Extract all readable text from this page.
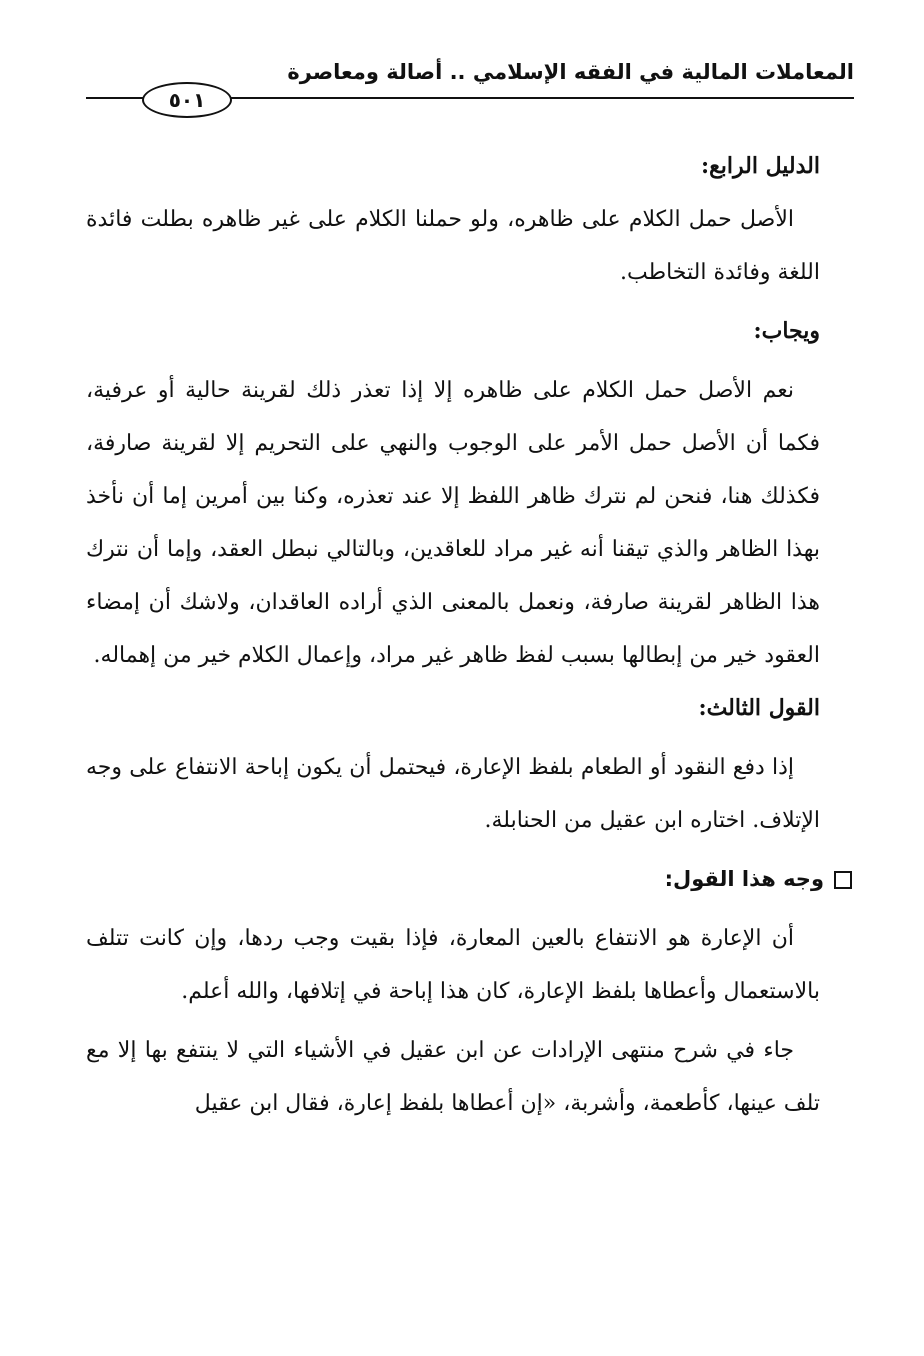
المعاملات المالية في الفقه الإسلامي .. أصالة ومعاصرة
٥٠١

الدليل الرابع:

الأصل حمل الكلام على ظاهره، ولو حملنا الكلام على غير ظاهره بطلت فائدة اللغة وفائدة التخاطب.

ويجاب:

نعم الأصل حمل الكلام على ظاهره إلا إذا تعذر ذلك لقرينة حالية أو عرفية، فكما أن الأصل حمل الأمر على الوجوب والنهي على التحريم إلا لقرينة صارفة، فكذلك هنا، فنحن لم نترك ظاهر اللفظ إلا عند تعذره، وكنا بين أمرين إما أن نأخذ بهذا الظاهر والذي تيقنا أنه غير مراد للعاقدين، وبالتالي نبطل العقد، وإما أن نترك هذا الظاهر لقرينة صارفة، ونعمل بالمعنى الذي أراده العاقدان، ولاشك أن إمضاء العقود خير من إبطالها بسبب لفظ ظاهر غير مراد، وإعمال الكلام خير من إهماله.

القول الثالث:

إذا دفع النقود أو الطعام بلفظ الإعارة، فيحتمل أن يكون إباحة الانتفاع على وجه الإتلاف. اختاره ابن عقيل من الحنابلة.

وجه هذا القول:

أن الإعارة هو الانتفاع بالعين المعارة، فإذا بقيت وجب ردها، وإن كانت تتلف بالاستعمال وأعطاها بلفظ الإعارة، كان هذا إباحة في إتلافها، والله أعلم.

جاء في شرح منتهى الإرادات عن ابن عقيل في الأشياء التي لا ينتفع بها إلا مع تلف عينها، كأطعمة، وأشربة، «إن أعطاها بلفظ إعارة، فقال ابن عقيل
